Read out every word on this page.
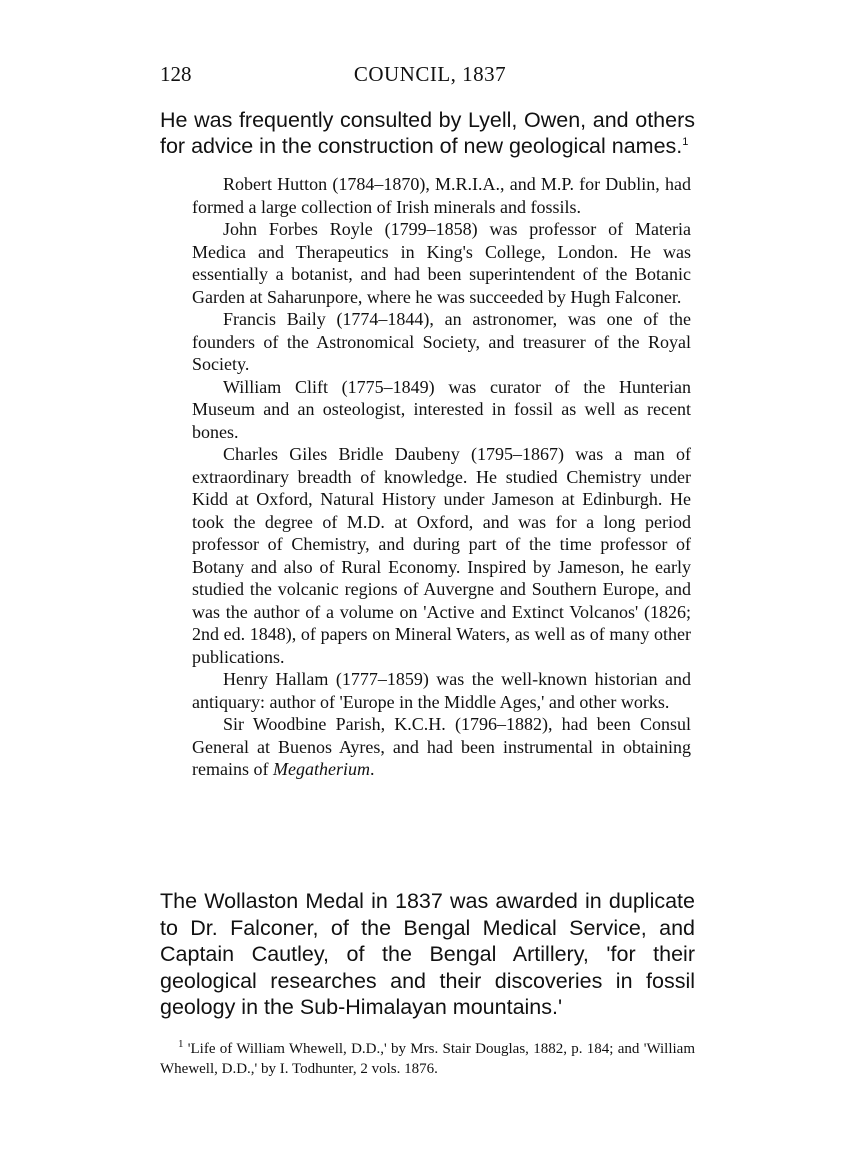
128	COUNCIL, 1837

He was frequently consulted by Lyell, Owen, and others for advice in the construction of new geological names.$^1$

Robert Hutton (1784–1870), M.R.I.A., and M.P. for Dublin, had formed a large collection of Irish minerals and fossils.

John Forbes Royle (1799–1858) was professor of Materia Medica and Therapeutics in King's College, London. He was essentially a botanist, and had been superintendent of the Botanic Garden at Saharunpore, where he was succeeded by Hugh Falconer.

Francis Baily (1774–1844), an astronomer, was one of the founders of the Astronomical Society, and treasurer of the Royal Society.

William Clift (1775–1849) was curator of the Hunterian Museum and an osteologist, interested in fossil as well as recent bones.

Charles Giles Bridle Daubeny (1795–1867) was a man of extraordinary breadth of knowledge. He studied Chemistry under Kidd at Oxford, Natural History under Jameson at Edinburgh. He took the degree of M.D. at Oxford, and was for a long period professor of Chemistry, and during part of the time professor of Botany and also of Rural Economy. Inspired by Jameson, he early studied the volcanic regions of Auvergne and Southern Europe, and was the author of a volume on 'Active and Extinct Volcanos' (1826; 2nd ed. 1848), of papers on Mineral Waters, as well as of many other publications.

Henry Hallam (1777–1859) was the well-known historian and antiquary: author of 'Europe in the Middle Ages,' and other works.

Sir Woodbine Parish, K.C.H. (1796–1882), had been Consul General at Buenos Ayres, and had been instrumental in obtaining remains of Megatherium.

The Wollaston Medal in 1837 was awarded in duplicate to Dr. Falconer, of the Bengal Medical Service, and Captain Cautley, of the Bengal Artillery, 'for their geological researches and their discoveries in fossil geology in the Sub-Himalayan mountains.'

$^1$ 'Life of William Whewell, D.D.,' by Mrs. Stair Douglas, 1882, p. 184; and 'William Whewell, D.D.,' by I. Todhunter, 2 vols. 1876.
